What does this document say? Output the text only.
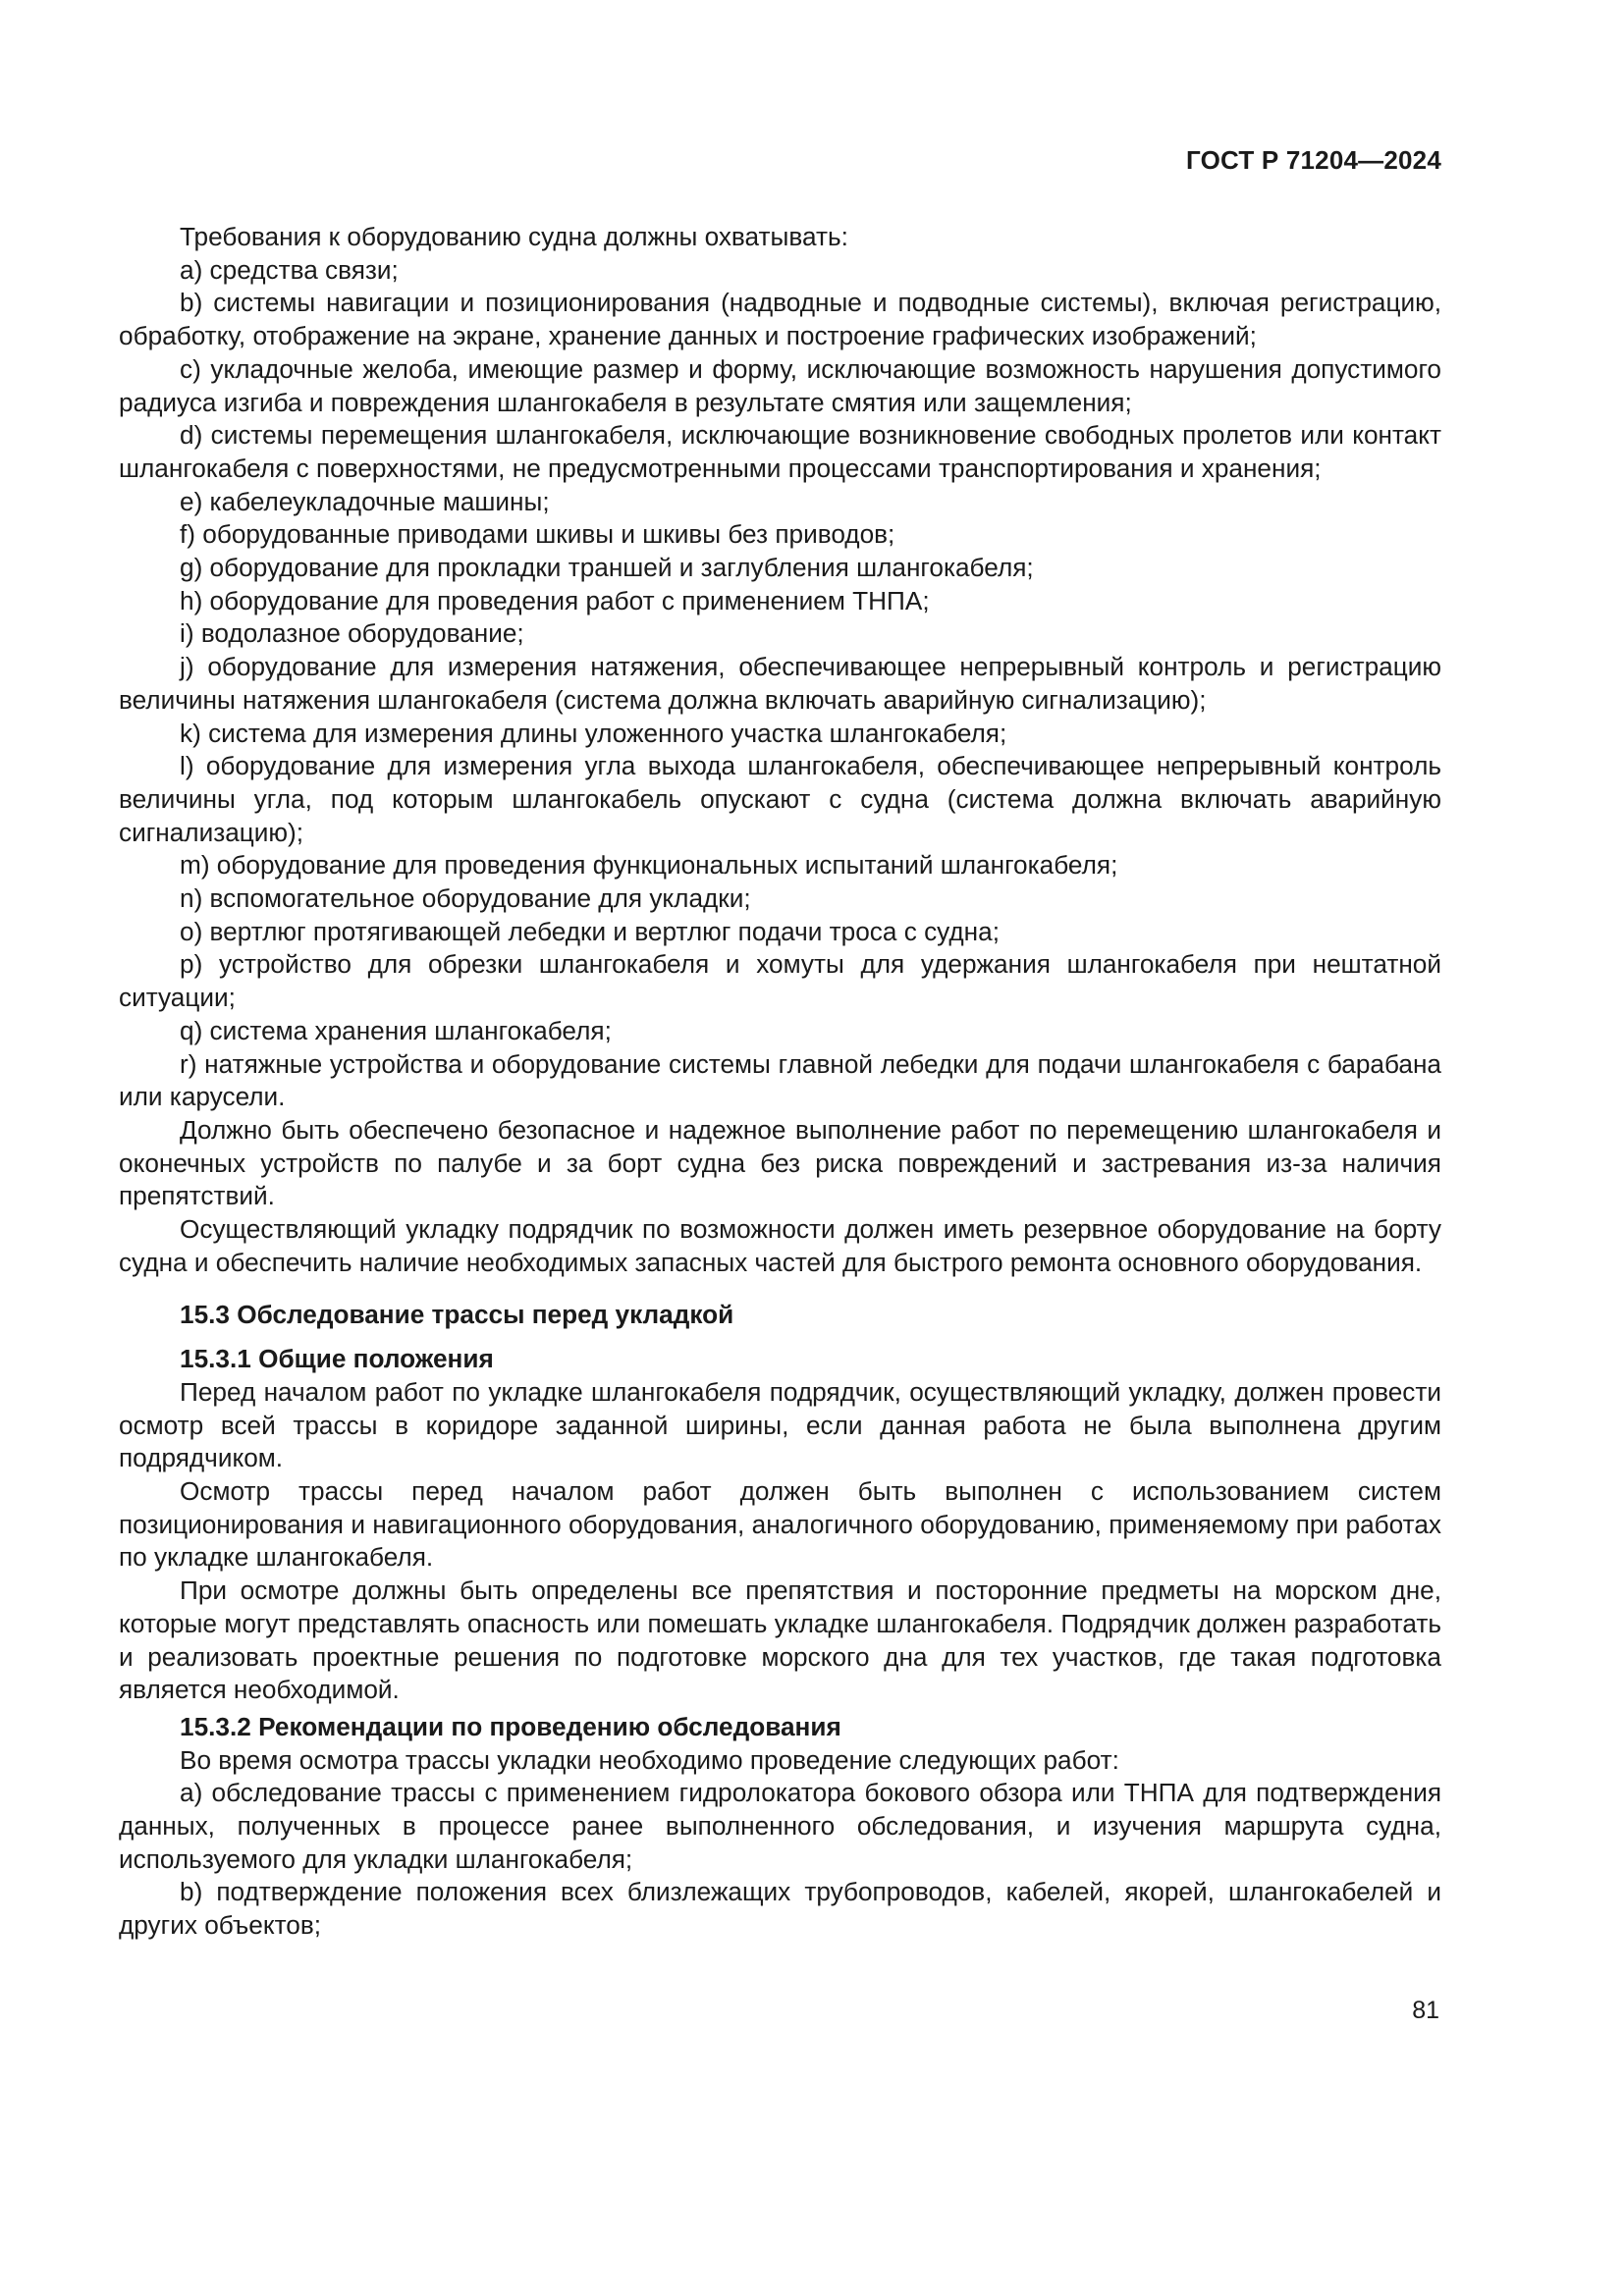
ГОСТ Р 71204—2024

Требования к оборудованию судна должны охватывать:

a) средства связи;

b) системы навигации и позиционирования (надводные и подводные системы), включая регистрацию, обработку, отображение на экране, хранение данных и построение графических изображений;

c) укладочные желоба, имеющие размер и форму, исключающие возможность нарушения допустимого радиуса изгиба и повреждения шлангокабеля в результате смятия или защемления;

d) системы перемещения шлангокабеля, исключающие возникновение свободных пролетов или контакт шлангокабеля с поверхностями, не предусмотренными процессами транспортирования и хранения;

e) кабелеукладочные машины;

f) оборудованные приводами шкивы и шкивы без приводов;

g) оборудование для прокладки траншей и заглубления шлангокабеля;

h) оборудование для проведения работ с применением ТНПА;

i) водолазное оборудование;

j) оборудование для измерения натяжения, обеспечивающее непрерывный контроль и регистрацию величины натяжения шлангокабеля (система должна включать аварийную сигнализацию);

k) система для измерения длины уложенного участка шлангокабеля;

l) оборудование для измерения угла выхода шлангокабеля, обеспечивающее непрерывный контроль величины угла, под которым шлангокабель опускают с судна (система должна включать аварийную сигнализацию);

m) оборудование для проведения функциональных испытаний шлангокабеля;

n) вспомогательное оборудование для укладки;

o) вертлюг протягивающей лебедки и вертлюг подачи троса с судна;

p) устройство для обрезки шлангокабеля и хомуты для удержания шлангокабеля при нештатной ситуации;

q) система хранения шлангокабеля;

r) натяжные устройства и оборудование системы главной лебедки для подачи шлангокабеля с барабана или карусели.

Должно быть обеспечено безопасное и надежное выполнение работ по перемещению шлангокабеля и оконечных устройств по палубе и за борт судна без риска повреждений и застревания из-за наличия препятствий.

Осуществляющий укладку подрядчик по возможности должен иметь резервное оборудование на борту судна и обеспечить наличие необходимых запасных частей для быстрого ремонта основного оборудования.

15.3 Обследование трассы перед укладкой
15.3.1 Общие положения

Перед началом работ по укладке шлангокабеля подрядчик, осуществляющий укладку, должен провести осмотр всей трассы в коридоре заданной ширины, если данная работа не была выполнена другим подрядчиком.

Осмотр трассы перед началом работ должен быть выполнен с использованием систем позиционирования и навигационного оборудования, аналогичного оборудованию, применяемому при работах по укладке шлангокабеля.

При осмотре должны быть определены все препятствия и посторонние предметы на морском дне, которые могут представлять опасность или помешать укладке шлангокабеля. Подрядчик должен разработать и реализовать проектные решения по подготовке морского дна для тех участков, где такая подготовка является необходимой.

15.3.2 Рекомендации по проведению обследования

Во время осмотра трассы укладки необходимо проведение следующих работ:

a) обследование трассы с применением гидролокатора бокового обзора или ТНПА для подтверждения данных, полученных в процессе ранее выполненного обследования, и изучения маршрута судна, используемого для укладки шлангокабеля;

b) подтверждение положения всех близлежащих трубопроводов, кабелей, якорей, шлангокабелей и других объектов;

81
